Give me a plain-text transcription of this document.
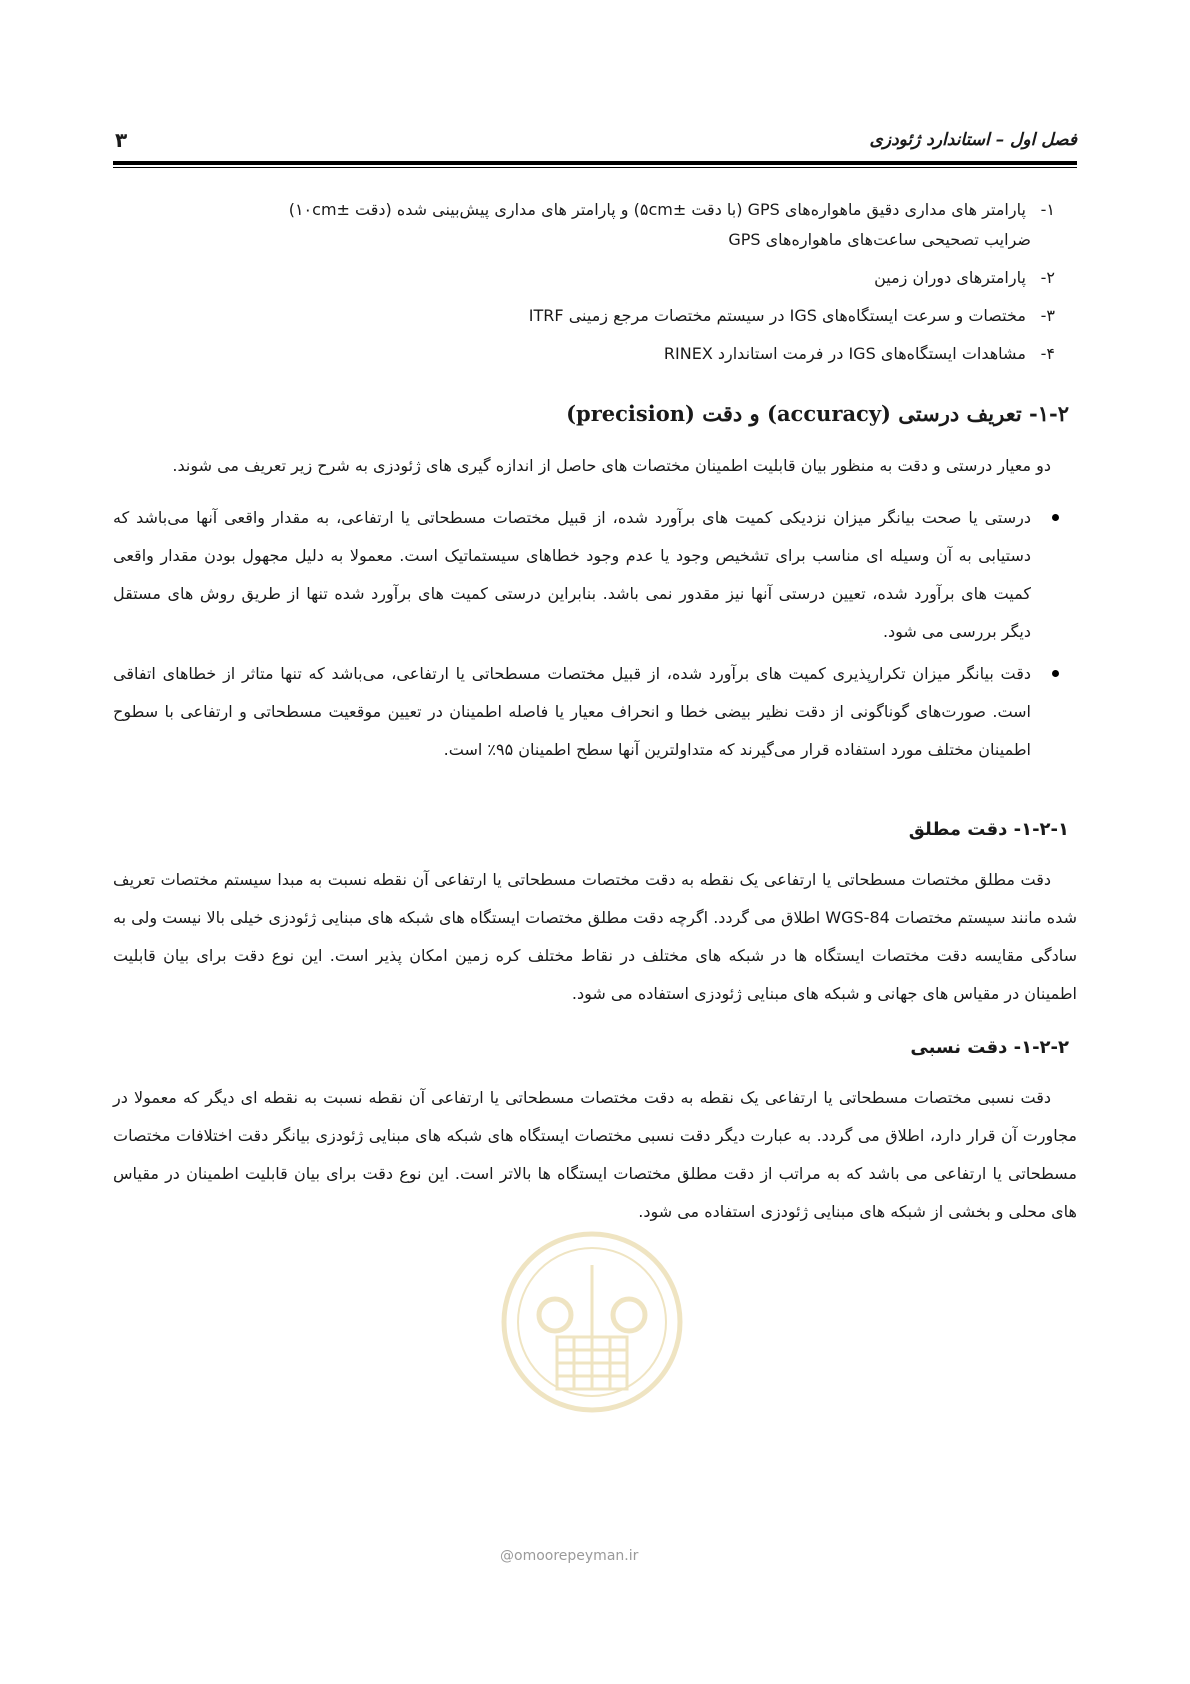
فصل اول – استاندارد ژئودزی
۳
۱- پارامتر های مداری دقیق ماهواره‌های GPS (با دقت ±۵cm) و پارامتر های مداری پیش‌بینی شده (دقت ±۱۰cm)
ضرایب تصحیحی ساعت‌های ماهواره‌های GPS
۲- پارامترهای دوران زمین
۳- مختصات و سرعت ایستگاه‌های IGS در سیستم مختصات مرجع زمینی ITRF
۴- مشاهدات ایستگاه‌های IGS در فرمت استاندارد RINEX
۱-۲- تعریف درستی (accuracy) و دقت (precision)

دو معیار درستی و دقت به منظور بیان قابلیت اطمینان مختصات های حاصل از اندازه گیری های ژئودزی به شرح زیر تعریف می شوند.

درستی یا صحت بیانگر میزان نزدیکی کمیت های برآورد شده، از قبیل مختصات مسطحاتی یا ارتفاعی، به مقدار واقعی آنها می‌باشد که دستیابی به آن وسیله ای مناسب برای تشخیص وجود یا عدم وجود خطاهای سیستماتیک است. معمولا به دلیل مجهول بودن مقدار واقعی کمیت های برآورد شده، تعیین درستی آنها نیز مقدور نمی باشد. بنابراین درستی کمیت های برآورد شده تنها از طریق روش های مستقل دیگر بررسی می شود.
دقت بیانگر میزان تکرارپذیری کمیت های برآورد شده، از قبیل مختصات مسطحاتی یا ارتفاعی، می‌باشد که تنها متاثر از خطاهای اتفاقی است. صورت‌های گوناگونی از دقت نظیر بیضی خطا و انحراف معیار یا فاصله اطمینان در تعیین موقعیت مسطحاتی و ارتفاعی با سطوح اطمینان مختلف مورد استفاده قرار می‌گیرند که متداولترین آنها سطح اطمینان ۹۵٪ است.
۱-۲-۱- دقت مطلق

دقت مطلق مختصات مسطحاتی یا ارتفاعی یک نقطه به دقت مختصات مسطحاتی یا ارتفاعی آن نقطه نسبت به مبدا سیستم مختصات تعریف شده مانند سیستم مختصات WGS-84 اطلاق می گردد. اگرچه دقت مطلق مختصات ایستگاه های شبکه های مبنایی ژئودزی خیلی بالا نیست ولی به سادگی مقایسه دقت مختصات ایستگاه ها در شبکه های مختلف در نقاط مختلف کره زمین امکان پذیر است. این نوع دقت برای بیان قابلیت اطمینان در مقیاس های جهانی و شبکه های مبنایی ژئودزی استفاده می شود.

۱-۲-۲- دقت نسبی

دقت نسبی مختصات مسطحاتی یا ارتفاعی یک نقطه به دقت مختصات مسطحاتی یا ارتفاعی آن نقطه نسبت به نقطه ای دیگر که معمولا در مجاورت آن قرار دارد، اطلاق می گردد. به عبارت دیگر دقت نسبی مختصات ایستگاه های شبکه های مبنایی ژئودزی بیانگر دقت اختلافات مختصات مسطحاتی یا ارتفاعی می باشد که به مراتب از دقت مطلق مختصات ایستگاه ها بالاتر است. این نوع دقت برای بیان قابلیت اطمینان در مقیاس های محلی و بخشی از شبکه های مبنایی ژئودزی استفاده می شود.

@omoorepeyman.ir
